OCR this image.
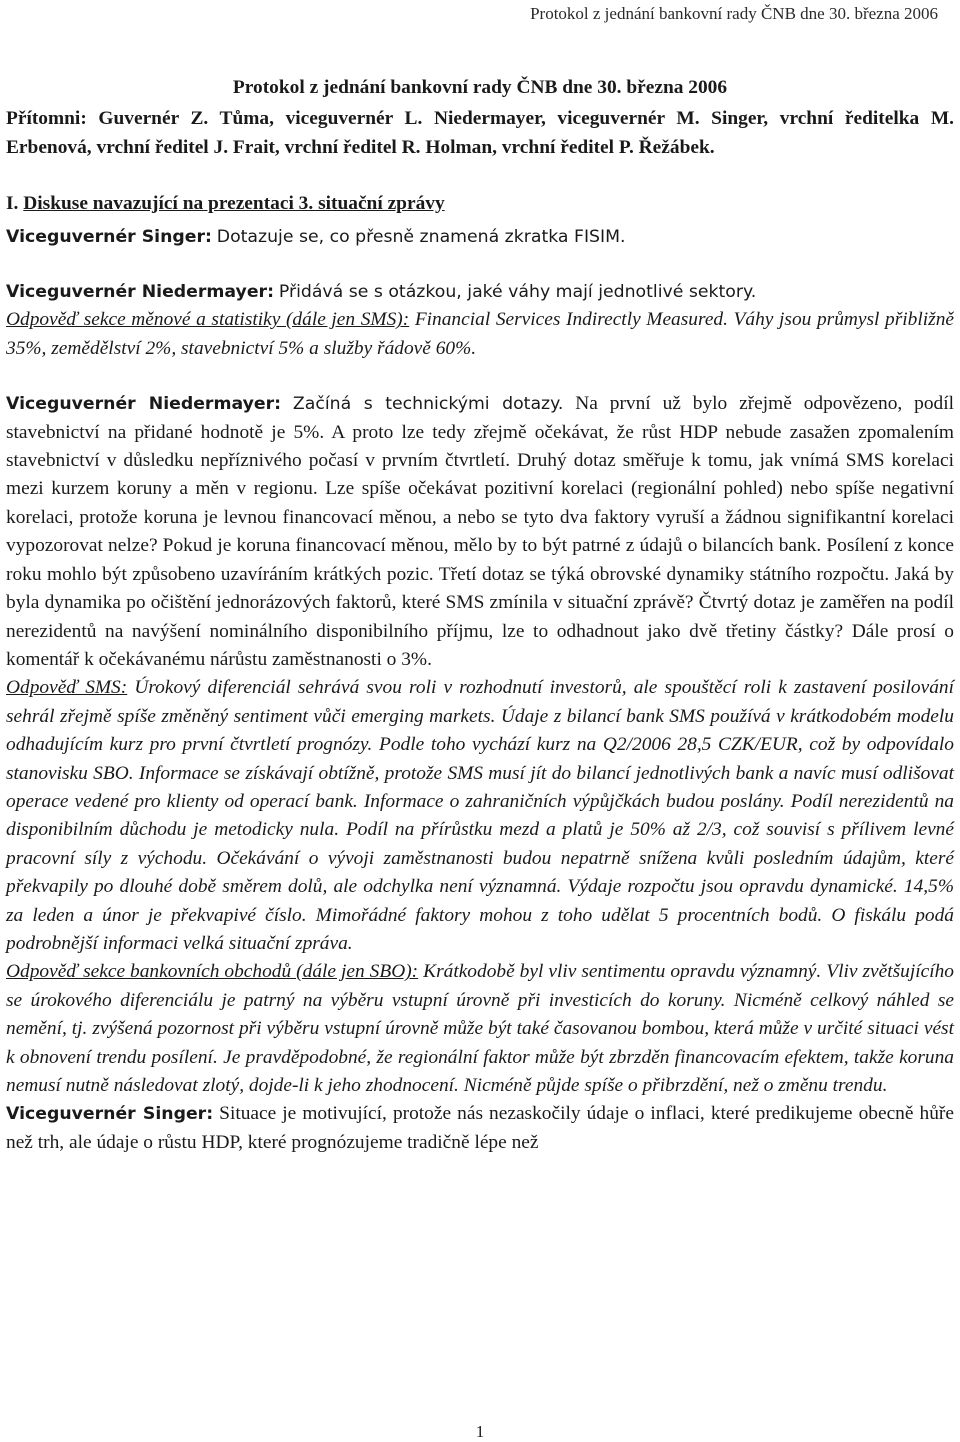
Protokol z jednání bankovní rady ČNB dne 30. března 2006
Protokol z jednání bankovní rady ČNB dne 30. března 2006

Přítomni: Guvernér Z. Tůma, viceguvernér L. Niedermayer, viceguvernér M. Singer, vrchní ředitelka M. Erbenová, vrchní ředitel J. Frait, vrchní ředitel R. Holman, vrchní ředitel P. Řežábek.

I. Diskuse navazující na prezentaci 3. situační zprávy

Viceguvernér Singer: Dotazuje se, co přesně znamená zkratka FISIM.

Viceguvernér Niedermayer: Přidává se s otázkou, jaké váhy mají jednotlivé sektory.

Odpověď sekce měnové a statistiky (dále jen SMS): Financial Services Indirectly Measured. Váhy jsou průmysl přibližně 35%, zemědělství 2%, stavebnictví 5% a služby řádově 60%.

Viceguvernér Niedermayer: Začíná s technickými dotazy. Na první už bylo zřejmě odpovězeno, podíl stavebnictví na přidané hodnotě je 5%. A proto lze tedy zřejmě očekávat, že růst HDP nebude zasažen zpomalením stavebnictví v důsledku nepříznivého počasí v prvním čtvrtletí. Druhý dotaz směřuje k tomu, jak vnímá SMS korelaci mezi kurzem koruny a měn v regionu. Lze spíše očekávat pozitivní korelaci (regionální pohled) nebo spíše negativní korelaci, protože koruna je levnou financovací měnou, a nebo se tyto dva faktory vyruší a žádnou signifikantní korelaci vypozorovat nelze? Pokud je koruna financovací měnou, mělo by to být patrné z údajů o bilancích bank. Posílení z konce roku mohlo být způsobeno uzavíráním krátkých pozic. Třetí dotaz se týká obrovské dynamiky státního rozpočtu. Jaká by byla dynamika po očištění jednorázových faktorů, které SMS zmínila v situační zprávě? Čtvrtý dotaz je zaměřen na podíl nerezidentů na navýšení nominálního disponibilního příjmu, lze to odhadnout jako dvě třetiny částky? Dále prosí o komentář k očekávanému nárůstu zaměstnanosti o 3%.

Odpověď SMS: Úrokový diferenciál sehrává svou roli v rozhodnutí investorů, ale spouštěcí roli k zastavení posilování sehrál zřejmě spíše změněný sentiment vůči emerging markets. Údaje z bilancí bank SMS používá v krátkodobém modelu odhadujícím kurz pro první čtvrtletí prognózy. Podle toho vychází kurz na Q2/2006 28,5 CZK/EUR, což by odpovídalo stanovisku SBO. Informace se získávají obtížně, protože SMS musí jít do bilancí jednotlivých bank a navíc musí odlišovat operace vedené pro klienty od operací bank. Informace o zahraničních výpůjčkách budou poslány. Podíl nerezidentů na disponibilním důchodu je metodicky nula. Podíl na přírůstku mezd a platů je 50% až 2/3, což souvisí s přílivem levné pracovní síly z východu. Očekávání o vývoji zaměstnanosti budou nepatrně snížena kvůli posledním údajům, které překvapily po dlouhé době směrem dolů, ale odchylka není významná. Výdaje rozpočtu jsou opravdu dynamické. 14,5% za leden a únor je překvapivé číslo. Mimořádné faktory mohou z toho udělat 5 procentních bodů. O fiskálu podá podrobnější informaci velká situační zpráva.

Odpověď sekce bankovních obchodů (dále jen SBO): Krátkodobě byl vliv sentimentu opravdu významný. Vliv zvětšujícího se úrokového diferenciálu je patrný na výběru vstupní úrovně při investicích do koruny. Nicméně celkový náhled se nemění, tj. zvýšená pozornost při výběru vstupní úrovně může být také časovanou bombou, která může v určité situaci vést k obnovení trendu posílení. Je pravděpodobné, že regionální faktor může být zbrzděn financovacím efektem, takže koruna nemusí nutně následovat zlotý, dojde-li k jeho zhodnocení. Nicméně půjde spíše o přibrzdění, než o změnu trendu.

Viceguvernér Singer: Situace je motivující, protože nás nezaskočily údaje o inflaci, které predikujeme obecně hůře než trh, ale údaje o růstu HDP, které prognózujeme tradičně lépe než

1
